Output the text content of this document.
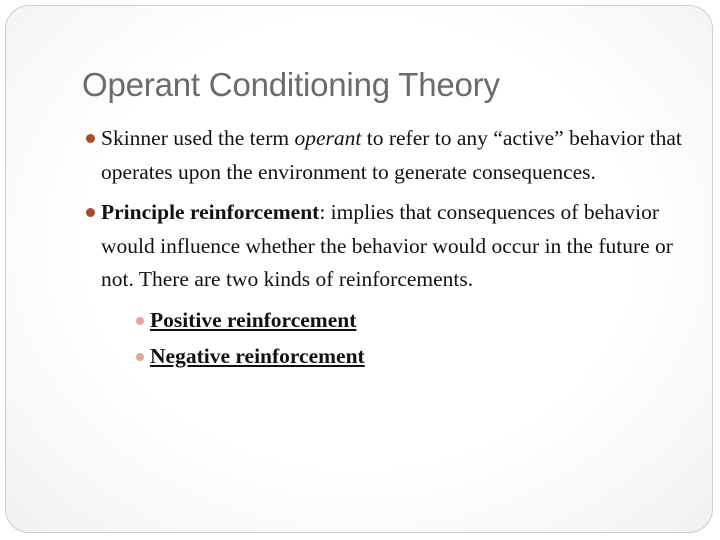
Operant Conditioning Theory
Skinner used the term operant to refer to any “active” behavior that operates upon the environment to generate consequences.
Principle reinforcement: implies that consequences of behavior would influence whether the behavior would occur in the future or not. There are two kinds of reinforcements.
Positive reinforcement
Negative reinforcement
